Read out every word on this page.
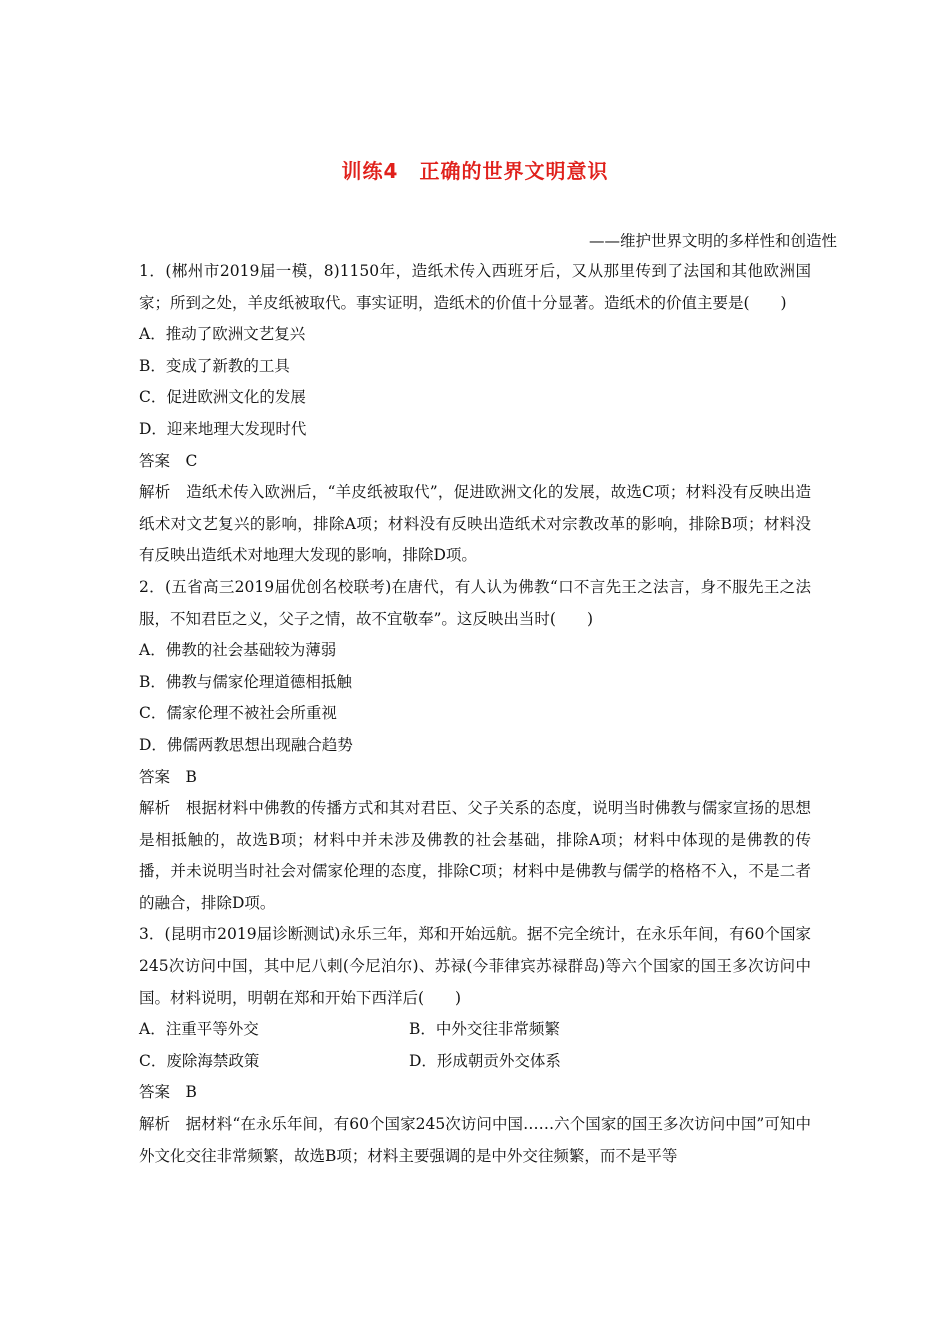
训练4　正确的世界文明意识
——维护世界文明的多样性和创造性

1．(郴州市2019届一模，8)1150年，造纸术传入西班牙后，又从那里传到了法国和其他欧洲国家；所到之处，羊皮纸被取代。事实证明，造纸术的价值十分显著。造纸术的价值主要是(　　)

A．推动了欧洲文艺复兴

B．变成了新教的工具

C．促进欧洲文化的发展

D．迎来地理大发现时代

答案　C

解析　造纸术传入欧洲后，“羊皮纸被取代”，促进欧洲文化的发展，故选C项；材料没有反映出造纸术对文艺复兴的影响，排除A项；材料没有反映出造纸术对宗教改革的影响，排除B项；材料没有反映出造纸术对地理大发现的影响，排除D项。

2．(五省高三2019届优创名校联考)在唐代，有人认为佛教“口不言先王之法言，身不服先王之法服，不知君臣之义，父子之情，故不宜敬奉”。这反映出当时(　　)

A．佛教的社会基础较为薄弱

B．佛教与儒家伦理道德相抵触

C．儒家伦理不被社会所重视

D．佛儒两教思想出现融合趋势

答案　B

解析　根据材料中佛教的传播方式和其对君臣、父子关系的态度，说明当时佛教与儒家宣扬的思想是相抵触的，故选B项；材料中并未涉及佛教的社会基础，排除A项；材料中体现的是佛教的传播，并未说明当时社会对儒家伦理的态度，排除C项；材料中是佛教与儒学的格格不入，不是二者的融合，排除D项。

3．(昆明市2019届诊断测试)永乐三年，郑和开始远航。据不完全统计，在永乐年间，有60个国家245次访问中国，其中尼八剌(今尼泊尔)、苏禄(今菲律宾苏禄群岛)等六个国家的国王多次访问中国。材料说明，明朝在郑和开始下西洋后(　　)

A．注重平等外交	B．中外交往非常频繁
C．废除海禁政策	D．形成朝贡外交体系

答案　B

解析　据材料“在永乐年间，有60个国家245次访问中国……六个国家的国王多次访问中国”可知中外文化交往非常频繁，故选B项；材料主要强调的是中外交往频繁，而不是平等
